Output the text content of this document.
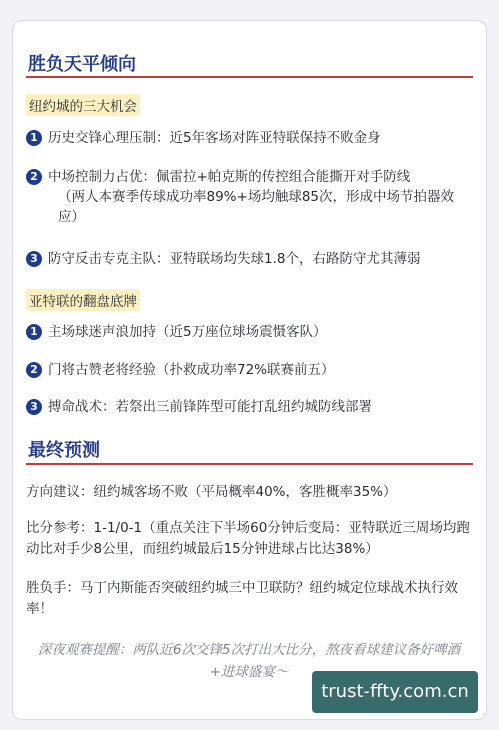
胜负天平倾向
纽约城的三大机会
1 历史交锋心理压制：近5年客场对阵亚特联保持不败金身
2 中场控制力占优：佩雷拉+帕克斯的传控组合能撕开对手防线
（两人本赛季传球成功率89%+场均触球85次，形成中场节拍器效应）
3 防守反击专克主队：亚特联场均失球1.8个，右路防守尤其薄弱
亚特联的翻盘底牌
1 主场球迷声浪加持（近5万座位球场震慑客队）
2 门将古赞老将经验（扑救成功率72%联赛前五）
3 搏命战术：若祭出三前锋阵型可能打乱纽约城防线部署
最终预测
方向建议：纽约城客场不败（平局概率40%，客胜概率35%）
比分参考：1-1/0-1（重点关注下半场60分钟后变局：亚特联近三周场均跑动比对手少8公里，而纽约城最后15分钟进球占比达38%）
胜负手：马丁内斯能否突破纽约城三中卫联防？纽约城定位球战术执行效率！
深夜观赛提醒：两队近6次交锋5次打出大比分，熬夜看球建议备好啤酒+进球盛宴～
trust-ffty.com.cn
